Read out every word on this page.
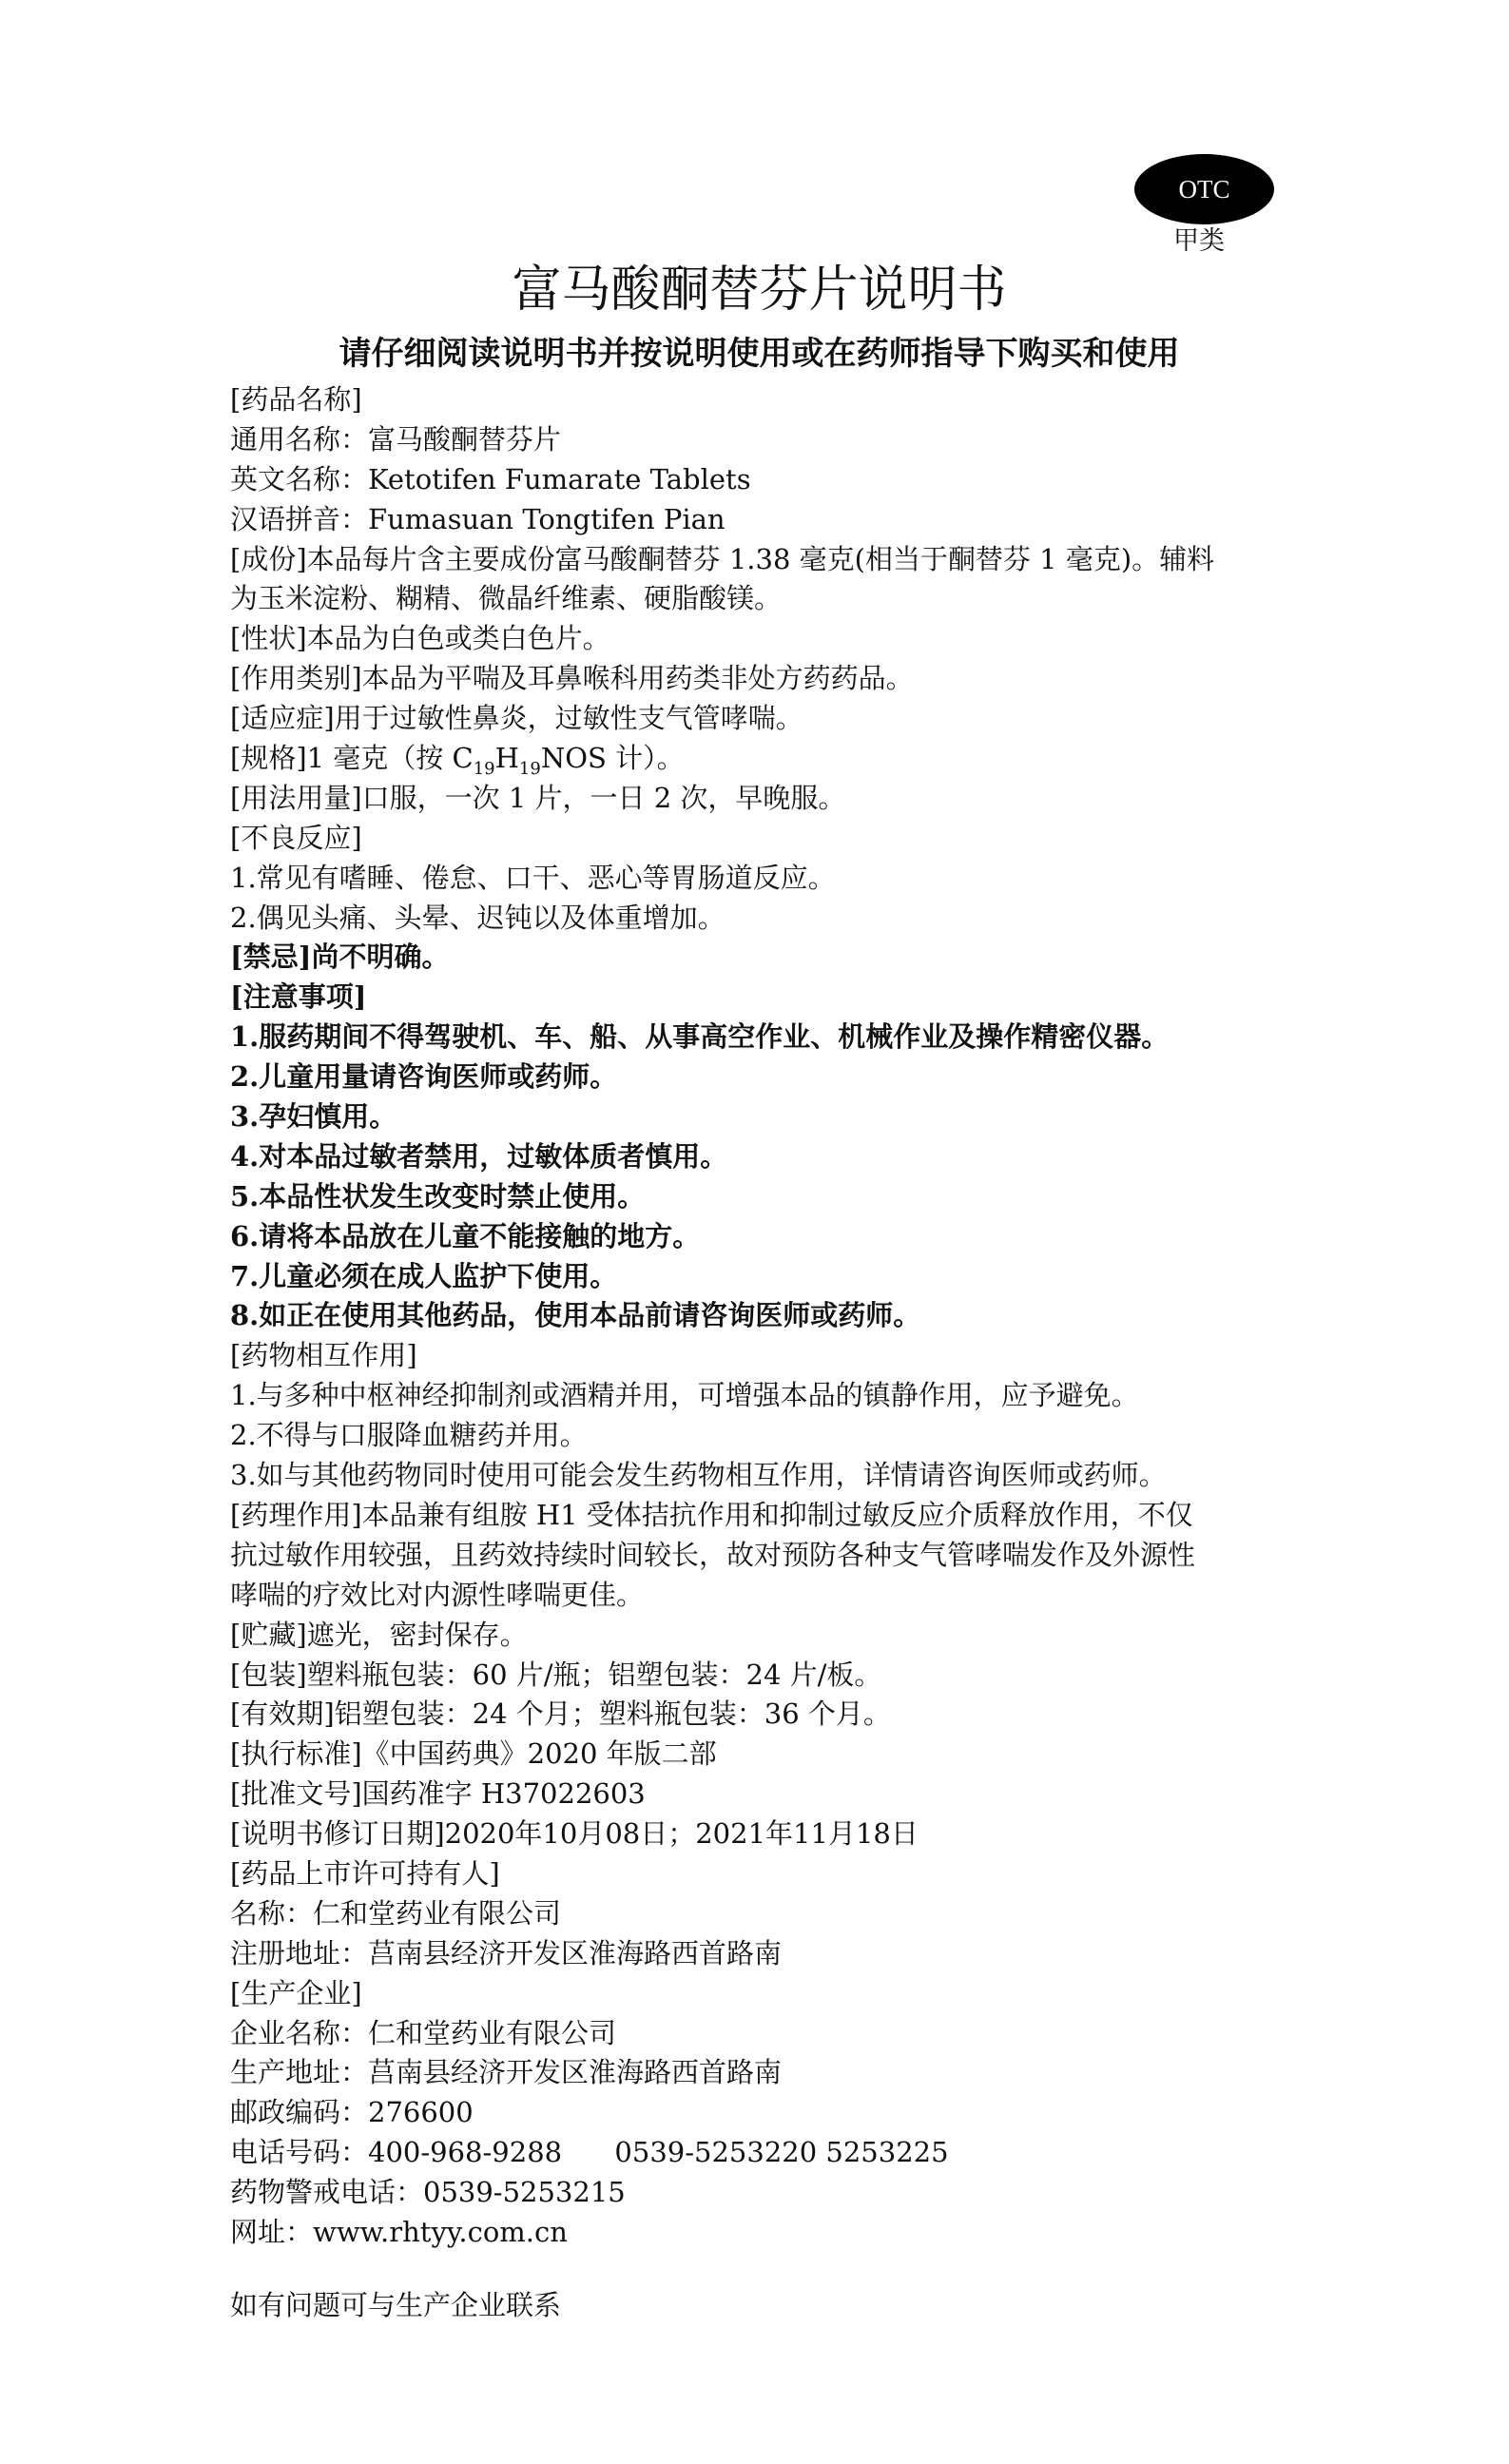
OTC
甲类
富马酸酮替芬片说明书
请仔细阅读说明书并按说明使用或在药师指导下购买和使用
[药品名称]
通用名称：富马酸酮替芬片
英文名称：Ketotifen Fumarate Tablets
汉语拼音：Fumasuan Tongtifen Pian
[成份]本品每片含主要成份富马酸酮替芬 1.38 毫克(相当于酮替芬 1 毫克)。辅料
为玉米淀粉、糊精、微晶纤维素、硬脂酸镁。
[性状]本品为白色或类白色片。
[作用类别]本品为平喘及耳鼻喉科用药类非处方药药品。
[适应症]用于过敏性鼻炎，过敏性支气管哮喘。
[规格]1 毫克（按 $C_{19}H_{19}NOS$ 计）。
[用法用量]口服，一次 1 片，一日 2 次，早晚服。
[不良反应]
1.常见有嗜睡、倦怠、口干、恶心等胃肠道反应。
2.偶见头痛、头晕、迟钝以及体重增加。
[禁忌]尚不明确。
[注意事项]
1.服药期间不得驾驶机、车、船、从事高空作业、机械作业及操作精密仪器。
2.儿童用量请咨询医师或药师。
3.孕妇慎用。
4.对本品过敏者禁用，过敏体质者慎用。
5.本品性状发生改变时禁止使用。
6.请将本品放在儿童不能接触的地方。
7.儿童必须在成人监护下使用。
8.如正在使用其他药品，使用本品前请咨询医师或药师。
[药物相互作用]
1.与多种中枢神经抑制剂或酒精并用，可增强本品的镇静作用，应予避免。
2.不得与口服降血糖药并用。
3.如与其他药物同时使用可能会发生药物相互作用，详情请咨询医师或药师。
[药理作用]本品兼有组胺 H1 受体拮抗作用和抑制过敏反应介质释放作用，不仅
抗过敏作用较强，且药效持续时间较长，故对预防各种支气管哮喘发作及外源性
哮喘的疗效比对内源性哮喘更佳。
[贮藏]遮光，密封保存。
[包装]塑料瓶包装：60 片/瓶；铝塑包装：24 片/板。
[有效期]铝塑包装：24 个月；塑料瓶包装：36 个月。
[执行标准]《中国药典》2020 年版二部
[批准文号]国药准字 H37022603
[说明书修订日期]2020年10月08日；2021年11月18日
[药品上市许可持有人]
名称：仁和堂药业有限公司
注册地址：莒南县经济开发区淮海路西首路南
[生产企业]
企业名称：仁和堂药业有限公司
生产地址：莒南县经济开发区淮海路西首路南
邮政编码：276600
电话号码：400-968-9288      0539-5253220 5253225
药物警戒电话：0539-5253215
网址：www.rhtyy.com.cn
如有问题可与生产企业联系
